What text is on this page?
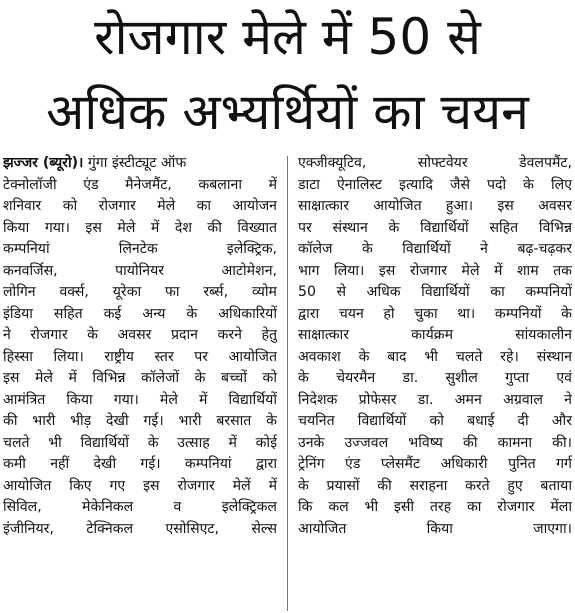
रोजगार मेले में 50 से
अधिक अभ्यर्थियों का चयन
झज्जर (ब्यूरो)। गुंगा इंस्टीट्यूट ऑफ
टेक्नोलॉजी एंड मैनेजमैंट, कबलाना में
शनिवार को रोजगार मेले का आयोजन
किया गया। इस मेले में देश की विख्यात
कम्पनियां लिनटेक इलेक्ट्रिक,
कनवर्जिस, पायोनियर आटोमेशन,
लोगिन वर्क्स, यूरेका फा रर्ब्स, व्योम
इंडिया सहित कई अन्य के अधिकारियों
ने रोजगार के अवसर प्रदान करने हेतु
हिस्सा लिया। राष्ट्रीय स्तर पर आयोजित
इस मेले में विभिन्न कॉलेजों के बच्चों को
आमंत्रित किया गया। मेले में विद्यार्थियों
की भारी भीड़ देखी गई। भारी बरसात के
चलते भी विद्यार्थियों के उत्साह में कोई
कमी नहीं देखी गई। कम्पनियां द्वारा
आयोजित किए गए इस रोजगार मेलें में
सिविल, मेकेनिकल व इलेक्ट्रिकल
इंजीनियर, टेक्निकल एसोसिएट, सेल्स
एक्जीक्यूटिव, सोफ्टवेयर डेवलपमैंट,
डाटा ऐनालिस्ट इत्यादि जैसे पदो के लिए
साक्षात्कार आयोजित हुआ। इस अवसर
पर संस्थान के विद्यार्थियों सहित विभिन्न
कॉलेज के विद्यार्थियों ने बढ़-चढ़कर
भाग लिया। इस रोजगार मेले में शाम तक
50 से अधिक विद्यार्थियों का कम्पनियों
द्वारा चयन हो चुका था। कम्पनियों के
साक्षात्कार कार्यक्रम सांयकालीन
अवकाश के बाद भी चलते रहे। संस्थान
के चेयरमैन डा. सुशील गुप्ता एवं
निदेशक प्रोफेसर डा. अमन अग्रवाल ने
चयनित विद्यार्थियों को बधाई दी और
उनके उज्जवल भविष्य की कामना की।
ट्रेनिंग एंड प्लेसमैंट अधिकारी पुनित गर्ग
के प्रयासों की सराहना करते हुए बताया
कि कल भी इसी तरह का रोजगार मेंला
आयोजित किया जाएगा।
